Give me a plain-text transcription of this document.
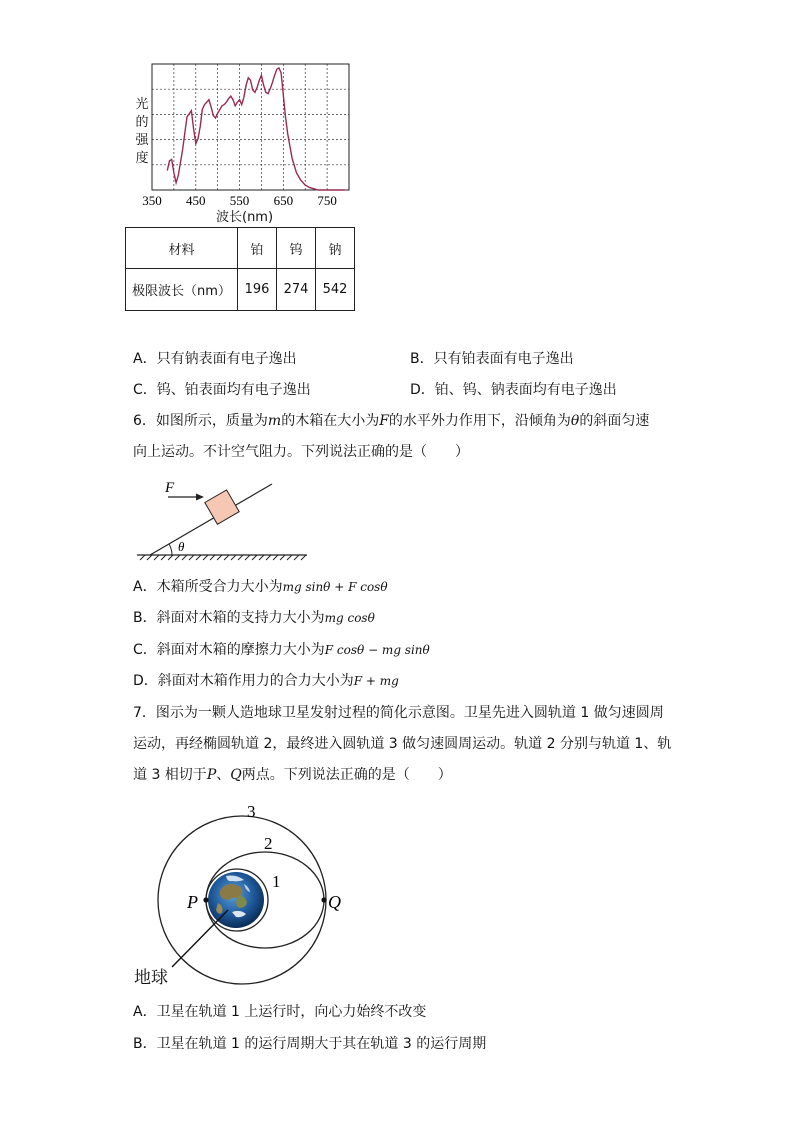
350 450 550 650 750
光的强度
波长(nm)
材料	铂	钨	钠
极限波长（nm）	196	274	542
A．只有钠表面有电子逸出	B．只有铂表面有电子逸出
C．钨、铂表面均有电子逸出	D．铂、钨、钠表面均有电子逸出
6．如图所示，质量为m的木箱在大小为F的水平外力作用下，沿倾角为θ的斜面匀速
向上运动。不计空气阻力。下列说法正确的是（　　）
F
θ
A．木箱所受合力大小为mg sinθ + F cosθ
B．斜面对木箱的支持力大小为mg cosθ
C．斜面对木箱的摩擦力大小为F cosθ − mg sinθ
D．斜面对木箱作用力的合力大小为F + mg
7．图示为一颗人造地球卫星发射过程的简化示意图。卫星先进入圆轨道 1 做匀速圆周
运动，再经椭圆轨道 2，最终进入圆轨道 3 做匀速圆周运动。轨道 2 分别与轨道 1、轨
道 3 相切于P、Q两点。下列说法正确的是（　　）
3
2
1
P	Q
地球
A．卫星在轨道 1 上运行时，向心力始终不改变
B．卫星在轨道 1 的运行周期大于其在轨道 3 的运行周期
